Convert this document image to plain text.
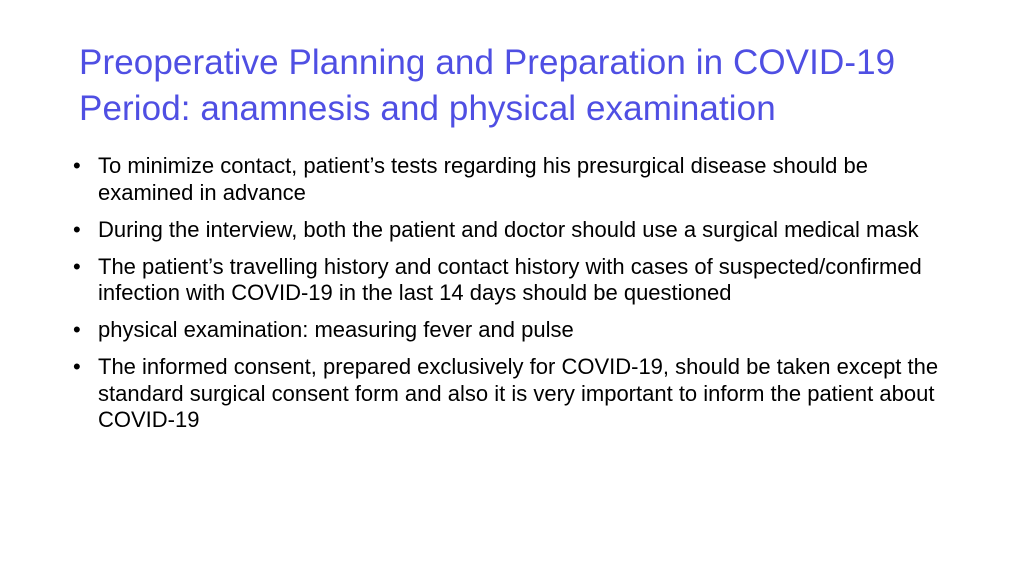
Preoperative Planning and Preparation in COVID-19 Period: anamnesis and physical examination
• To minimize contact, patient’s tests regarding his presurgical disease should be examined in advance
• During the interview, both the patient and doctor should use a surgical medical mask
• The patient’s travelling history and contact history with cases of suspected/confirmed infection with COVID-19 in the last 14 days should be questioned
• physical examination: measuring fever and pulse
• The informed consent, prepared exclusively for COVID-19, should be taken except the standard surgical consent form and also it is very important to inform the patient about COVID-19
